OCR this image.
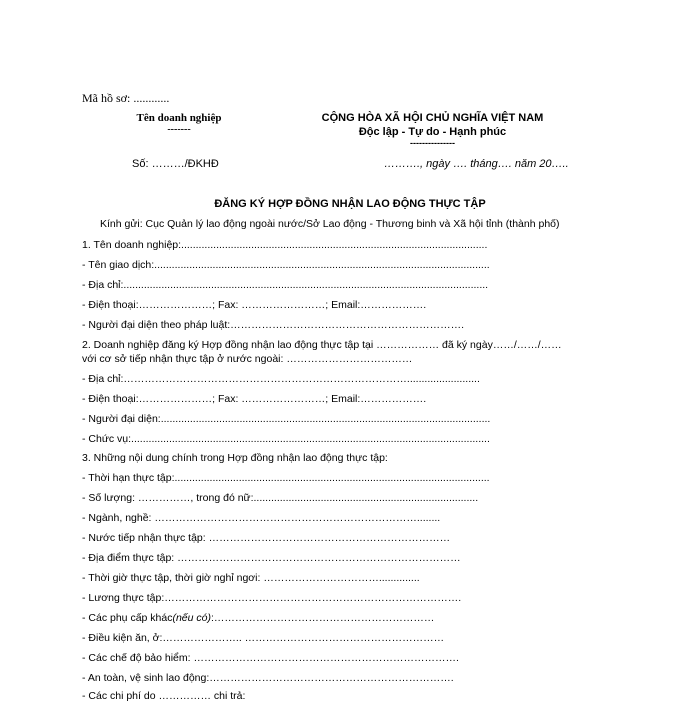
Mã hồ sơ: ............
Tên doanh nghiệp
-------
CỘNG HÒA XÃ HỘI CHỦ NGHĨA VIỆT NAM
Độc lập - Tự do - Hạnh phúc
---------------
Số: ………/ĐKHĐ	………., ngày …. tháng…. năm 20…..
ĐĂNG KÝ HỢP ĐỒNG NHẬN LAO ĐỘNG THỰC TẬP
Kính gửi: Cục Quản lý lao động ngoài nước/Sở Lao động - Thương binh và Xã hội tỉnh (thành phố)
1. Tên doanh nghiệp:.........................................................................................................
- Tên giao dịch:...................................................................................................................
- Địa chỉ:.............................................................................................................................
- Điện thoại:…………………; Fax: ……………………; Email:……………….
- Người đại diện theo pháp luật:………………………………………………………….
2. Doanh nghiệp đăng ký Hợp đồng nhận lao động thực tập tại ……………… đã ký ngày……/……/……
với cơ sở tiếp nhận thực tập ở nước ngoài: ………………………………
- Địa chỉ:……………………………………………………………………….........................
- Điện thoại:…………………; Fax: ……………………; Email:……………….
- Người đại diện:.................................................................................................................
- Chức vụ:...........................................................................................................................
3. Những nội dung chính trong Hợp đồng nhận lao động thực tập:
- Thời hạn thực tập:............................................................................................................
- Số lượng: ……………, trong đó nữ:.............................................................................
- Ngành, nghề: …………………………………………………………………........
- Nước tiếp nhận thực tập: ……………………………………………………………
- Địa điểm thực tập: ………………………………………………………………………
- Thời giờ thực tập, thời giờ nghỉ ngơi: ……………………………..............
- Lương thực tập:………………………………………………………………………….
- Các phụ cấp khác(nếu có):………………………………………………………
- Điều kiện ăn, ở:………………….. …………………………………………………
- Các chế độ bảo hiểm: ………………………………………………………………….
- An toàn, vệ sinh lao động:…………………………………………………………….
- Các chi phí do …………… chi trả:
